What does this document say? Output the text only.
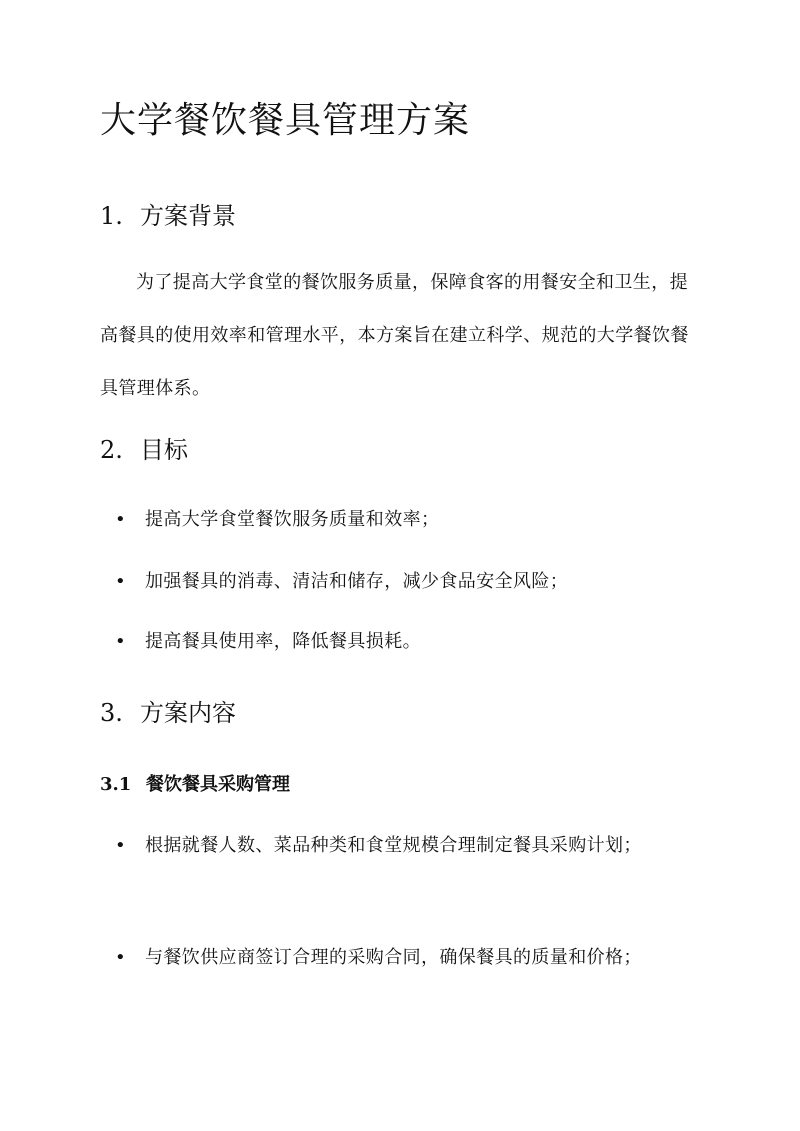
大学餐饮餐具管理方案
1. 方案背景

为了提高大学食堂的餐饮服务质量，保障食客的用餐安全和卫生，提高餐具的使用效率和管理水平，本方案旨在建立科学、规范的大学餐饮餐具管理体系。

2. 目标
•	提高大学食堂餐饮服务质量和效率；
•	加强餐具的消毒、清洁和储存，减少食品安全风险；
•	提高餐具使用率，降低餐具损耗。
3. 方案内容
3.1 餐饮餐具采购管理
•	根据就餐人数、菜品种类和食堂规模合理制定餐具采购计划；
•	与餐饮供应商签订合理的采购合同，确保餐具的质量和价格；
